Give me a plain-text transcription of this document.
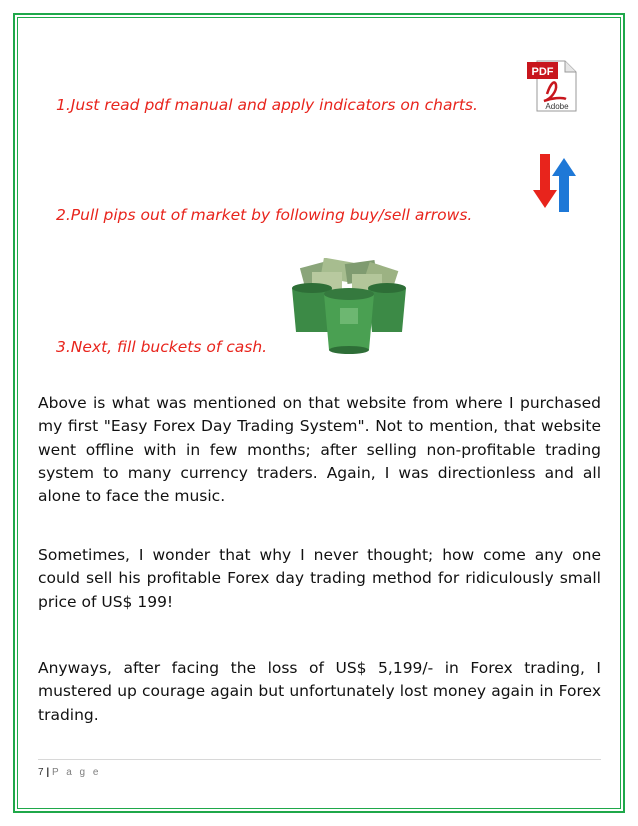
1.Just read pdf manual and apply indicators on charts.
PDF
Adobe
2.Pull pips out of market by following buy/sell arrows.
3.Next, fill buckets of cash.

Above is what was mentioned on that website from where I purchased my first "Easy Forex Day Trading System". Not to mention, that website went offline with in few months; after selling non-profitable trading system to many currency traders. Again, I was directionless and all alone to face the music.

Sometimes, I wonder that why I never thought; how come any one could sell his profitable Forex day trading method for ridiculously small price of US$ 199!

Anyways, after facing the loss of US$ 5,199/- in Forex trading, I mustered up courage again but unfortunately lost money again in Forex trading.

7 | P a g e
